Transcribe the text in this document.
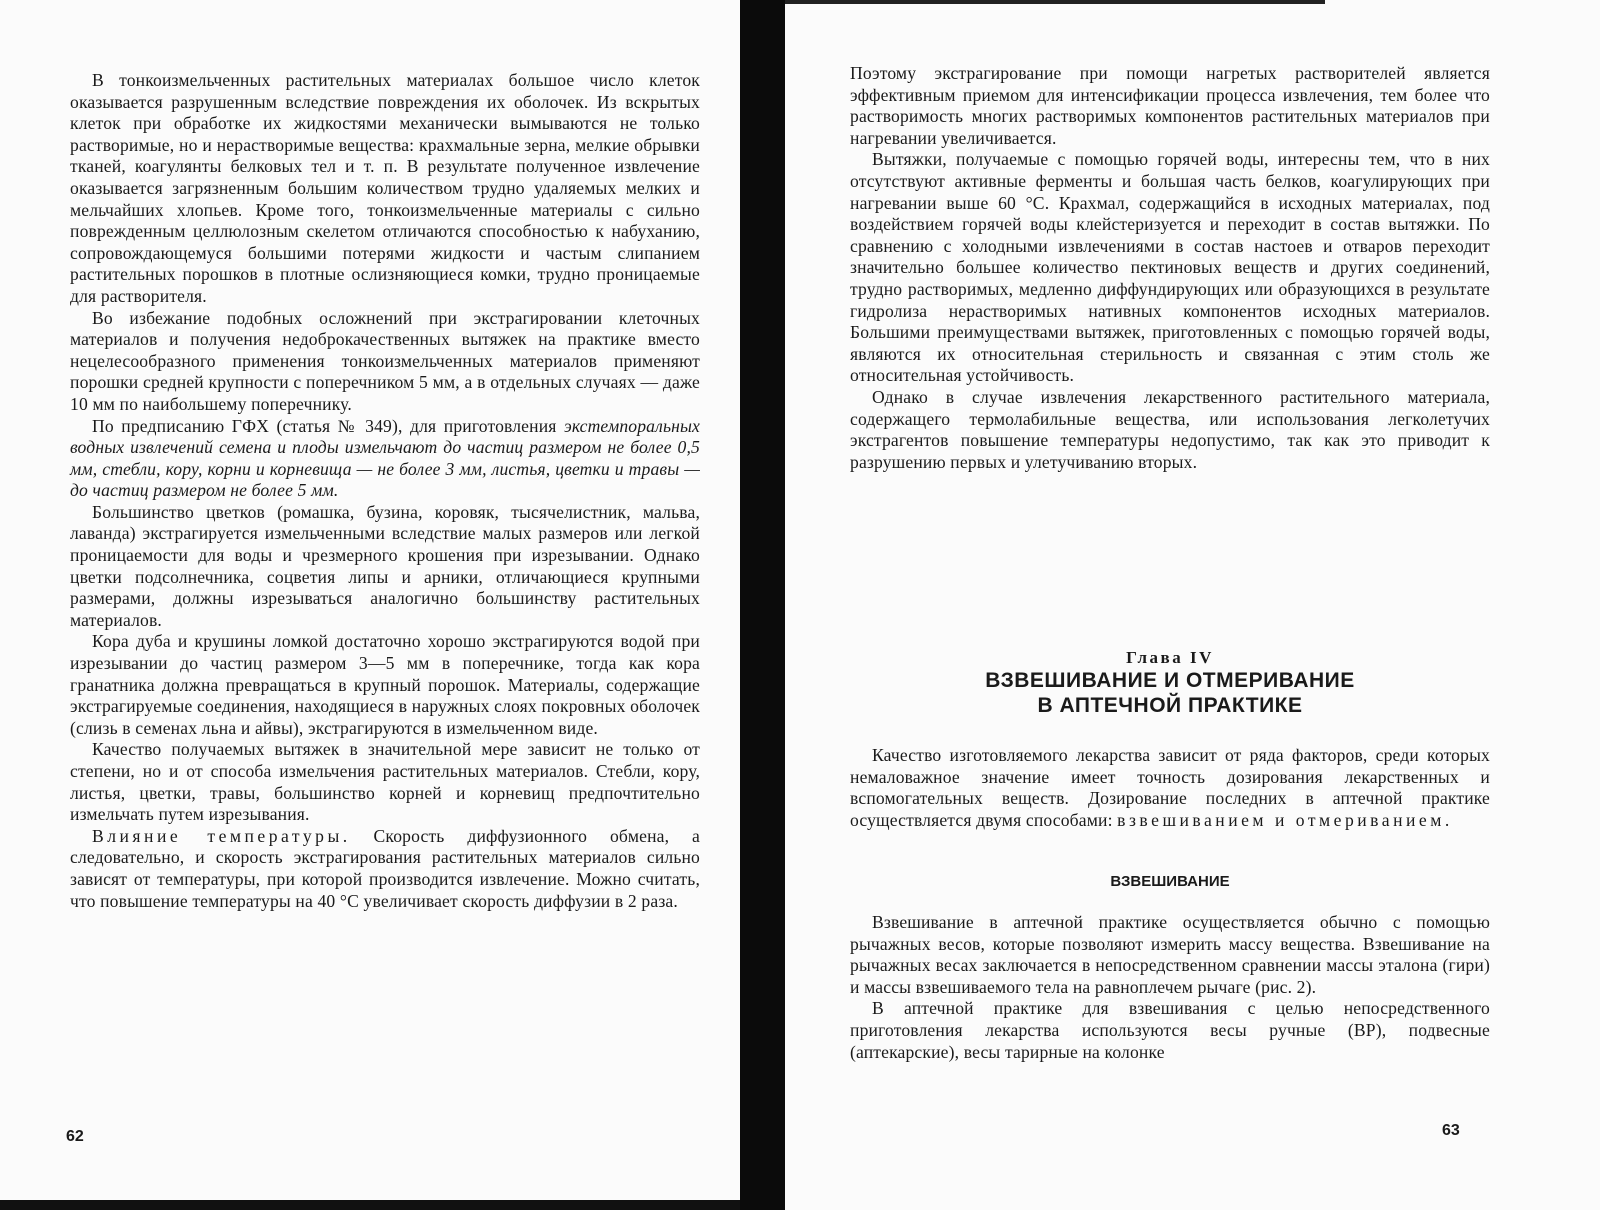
В тонкоизмельченных растительных материалах большое число клеток оказывается разрушенным вследствие повреждения их оболочек. Из вскрытых клеток при обработке их жидкостями механически вымываются не только растворимые, но и нерастворимые вещества: крахмальные зерна, мелкие обрывки тканей, коагулянты белковых тел и т. п. В результате полученное извлечение оказывается загрязненным большим количеством трудно удаляемых мелких и мельчайших хлопьев. Кроме того, тонкоизмельченные материалы с сильно поврежденным целлюлозным скелетом отличаются способностью к набуханию, сопровождающемуся большими потерями жидкости и частым слипанием растительных порошков в плотные ослизняющиеся комки, трудно проницаемые для растворителя.

Во избежание подобных осложнений при экстрагировании клеточных материалов и получения недоброкачественных вытяжек на практике вместо нецелесообразного применения тонкоизмельченных материалов применяют порошки средней крупности с поперечником 5 мм, а в отдельных случаях — даже 10 мм по наибольшему поперечнику.

По предписанию ГФХ (статья № 349), для приготовления экстемпоральных водных извлечений семена и плоды измельчают до частиц размером не более 0,5 мм, стебли, кору, корни и корневища — не более 3 мм, листья, цветки и травы — до частиц размером не более 5 мм.

Большинство цветков (ромашка, бузина, коровяк, тысячелистник, мальва, лаванда) экстрагируется измельченными вследствие малых размеров или легкой проницаемости для воды и чрезмерного крошения при изрезывании. Однако цветки подсолнечника, соцветия липы и арники, отличающиеся крупными размерами, должны изрезываться аналогично большинству растительных материалов.

Кора дуба и крушины ломкой достаточно хорошо экстрагируются водой при изрезывании до частиц размером 3—5 мм в поперечнике, тогда как кора гранатника должна превращаться в крупный порошок. Материалы, содержащие экстрагируемые соединения, находящиеся в наружных слоях покровных оболочек (слизь в семенах льна и айвы), экстрагируются в измельченном виде.

Качество получаемых вытяжек в значительной мере зависит не только от степени, но и от способа измельчения растительных материалов. Стебли, кору, листья, цветки, травы, большинство корней и корневищ предпочтительно измельчать путем изрезывания.

Влияние температуры. Скорость диффузионного обмена, а следовательно, и скорость экстрагирования растительных материалов сильно зависят от температуры, при которой производится извлечение. Можно считать, что повышение температуры на 40 °С увеличивает скорость диффузии в 2 раза.

62

Поэтому экстрагирование при помощи нагретых растворителей является эффективным приемом для интенсификации процесса извлечения, тем более что растворимость многих растворимых компонентов растительных материалов при нагревании увеличивается.

Вытяжки, получаемые с помощью горячей воды, интересны тем, что в них отсутствуют активные ферменты и большая часть белков, коагулирующих при нагревании выше 60 °С. Крахмал, содержащийся в исходных материалах, под воздействием горячей воды клейстеризуется и переходит в состав вытяжки. По сравнению с холодными извлечениями в состав настоев и отваров переходит значительно большее количество пектиновых веществ и других соединений, трудно растворимых, медленно диффундирующих или образующихся в результате гидролиза нерастворимых нативных компонентов исходных материалов. Большими преимуществами вытяжек, приготовленных с помощью горячей воды, являются их относительная стерильность и связанная с этим столь же относительная устойчивость.

Однако в случае извлечения лекарственного растительного материала, содержащего термолабильные вещества, или использования легколетучих экстрагентов повышение температуры недопустимо, так как это приводит к разрушению первых и улетучиванию вторых.

Глава IV
ВЗВЕШИВАНИЕ И ОТМЕРИВАНИЕ
В АПТЕЧНОЙ ПРАКТИКЕ

Качество изготовляемого лекарства зависит от ряда факторов, среди которых немаловажное значение имеет точность дозирования лекарственных и вспомогательных веществ. Дозирование последних в аптечной практике осуществляется двумя способами: взвешиванием и отмериванием.

ВЗВЕШИВАНИЕ

Взвешивание в аптечной практике осуществляется обычно с помощью рычажных весов, которые позволяют измерить массу вещества. Взвешивание на рычажных весах заключается в непосредственном сравнении массы эталона (гири) и массы взвешиваемого тела на равноплечем рычаге (рис. 2).

В аптечной практике для взвешивания с целью непосредственного приготовления лекарства используются весы ручные (ВР), подвесные (аптекарские), весы тарирные на колонке

63
